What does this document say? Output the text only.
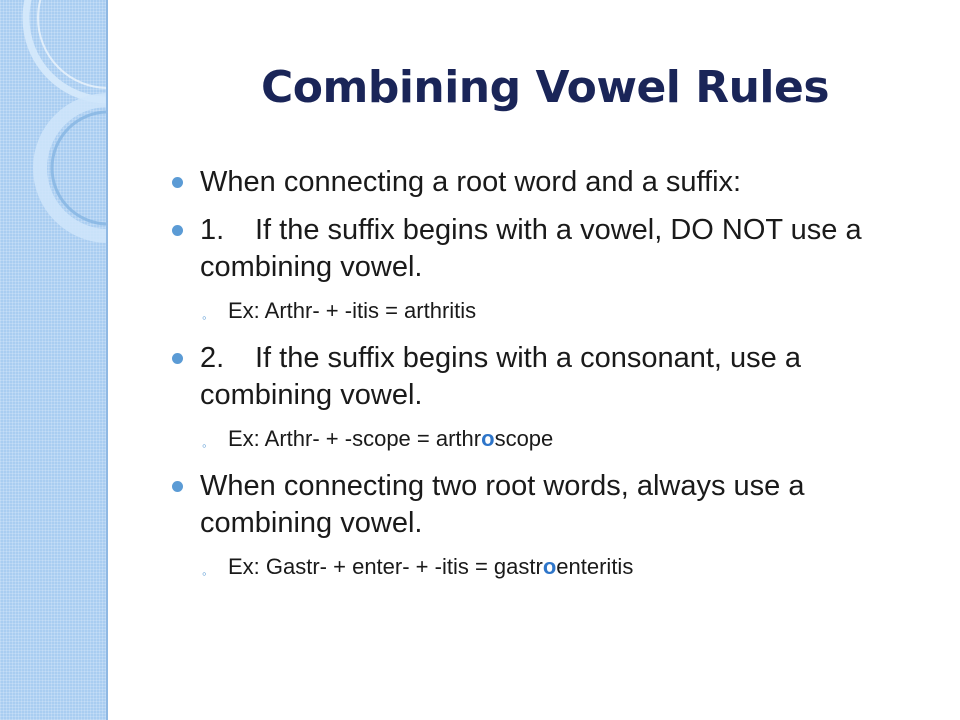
Combining Vowel Rules
When connecting a root word and a suffix:
1. If the suffix begins with a vowel, DO NOT use a combining vowel.
◦ Ex: Arthr- + -itis = arthritis
2. If the suffix begins with a consonant, use a combining vowel.
◦ Ex: Arthr- + -scope = arthroscope
When connecting two root words, always use a combining vowel.
◦ Ex: Gastr- + enter- + -itis = gastroenteritis
